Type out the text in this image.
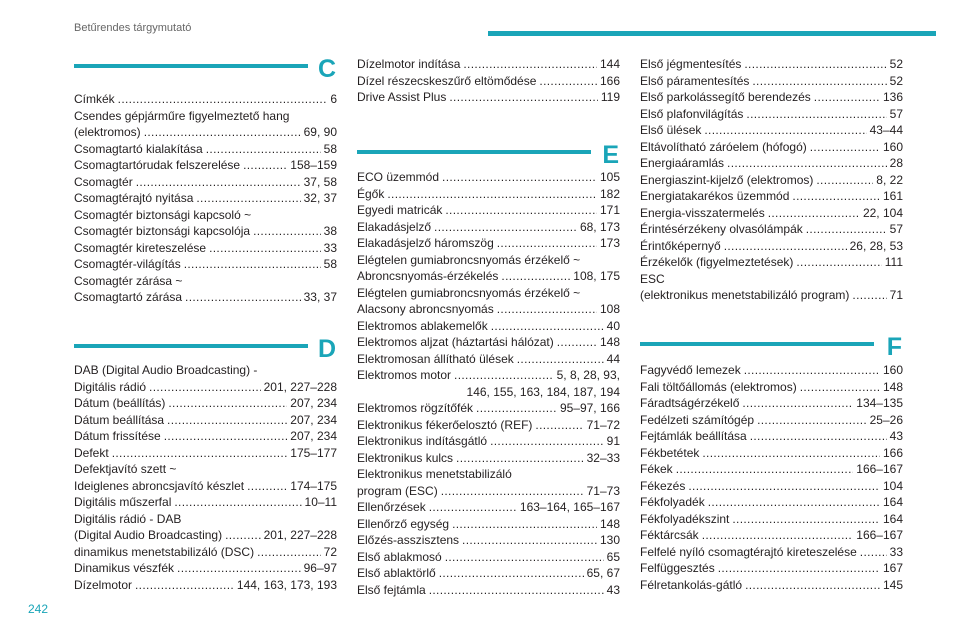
Betűrendes tárgymutató
C
Címkék . . .	6
Csendes gépjárműre figyelmeztető hang
(elektromos) . . .	69, 90
Csomagtartó kialakítása . . .	58
Csomagtartórudak felszerelése . . .	158–159
Csomagtér . . .	37, 58
Csomagtérajtó nyitása . . .	32, 37
Csomagtér biztonsági kapcsoló ~
Csomagtér biztonsági kapcsolója . . .	38
Csomagtér kireteszelése . . .	33
Csomagtér-világítás . . .	58
Csomagtér zárása ~
Csomagtartó zárása . . .	33, 37
D
DAB (Digital Audio Broadcasting) -
Digitális rádió . . .	201, 227–228
Dátum (beállítás) . . .	207, 234
Dátum beállítása . . .	207, 234
Dátum frissítése . . .	207, 234
Defekt . . .	175–177
Defektjavító szett ~
Ideiglenes abroncsjavító készlet . . .	174–175
Digitális műszerfal . . .	10–11
Digitális rádió - DAB
(Digital Audio Broadcasting) . . .	201, 227–228
dinamikus menetstabilizáló (DSC) . . .	72
Dinamikus vészfék . . .	96–97
Dízelmotor . . .	144, 163, 173, 193
Dízelmotor indítása . . .	144
Dízel részecskeszűrő eltömődése . . .	166
Drive Assist Plus . . .	119
E
ECO üzemmód . . .	105
Égők . . .	182
Egyedi matricák . . .	171
Elakadásjelző . . .	68, 173
Elakadásjelző háromszög . . .	173
Elégtelen gumiabroncsnyomás érzékelő ~
Abroncsnyomás-érzékelés . . .	108, 175
Elégtelen gumiabroncsnyomás érzékelő ~
Alacsony abroncsnyomás . . .	108
Elektromos ablakemelők . . .	40
Elektromos aljzat (háztartási hálózat) . . .	148
Elektromosan állítható ülések . . .	44
Elektromos motor . . .	5, 8, 28, 93,
146, 155, 163, 184, 187, 194
Elektromos rögzítőfék . . .	95–97, 166
Elektronikus fékerőelosztó (REF) . . .	71–72
Elektronikus indításgátló . . .	91
Elektronikus kulcs . . .	32–33
Elektronikus menetstabilizáló
program (ESC) . . .	71–73
Ellenőrzések . . .	163–164, 165–167
Ellenőrző egység . . .	148
Előzés-asszisztens . . .	130
Első ablakmosó . . .	65
Első ablaktörlő . . .	65, 67
Első fejtámla . . .	43
Első jégmentesítés . . .	52
Első páramentesítés . . .	52
Első parkolássegítő berendezés . . .	136
Első plafonvilágítás . . .	57
Első ülések . . .	43–44
Eltávolítható záróelem (hófogó) . . .	160
Energiaáramlás . . .	28
Energiaszint-kijelző (elektromos) . . .	8, 22
Energiatakarékos üzemmód . . .	161
Energia-visszatermelés . . .	22, 104
Érintésérzékeny olvasólámpák . . .	57
Érintőképernyő . . .	26, 28, 53
Érzékelők (figyelmeztetések) . . .	111
ESC
(elektronikus menetstabilizáló program) . . .	71
F
Fagyvédő lemezek . . .	160
Fali töltőállomás (elektromos) . . .	148
Fáradtságérzékelő . . .	134–135
Fedélzeti számítógép . . .	25–26
Fejtámlák beállítása . . .	43
Fékbetétek . . .	166
Fékek . . .	166–167
Fékezés . . .	104
Fékfolyadék . . .	164
Fékfolyadékszint . . .	164
Féktárcsák . . .	166–167
Felfelé nyíló csomagtérajtó kireteszelése . . .	33
Felfüggesztés . . .	167
Félretankolás-gátló . . .	145
242
